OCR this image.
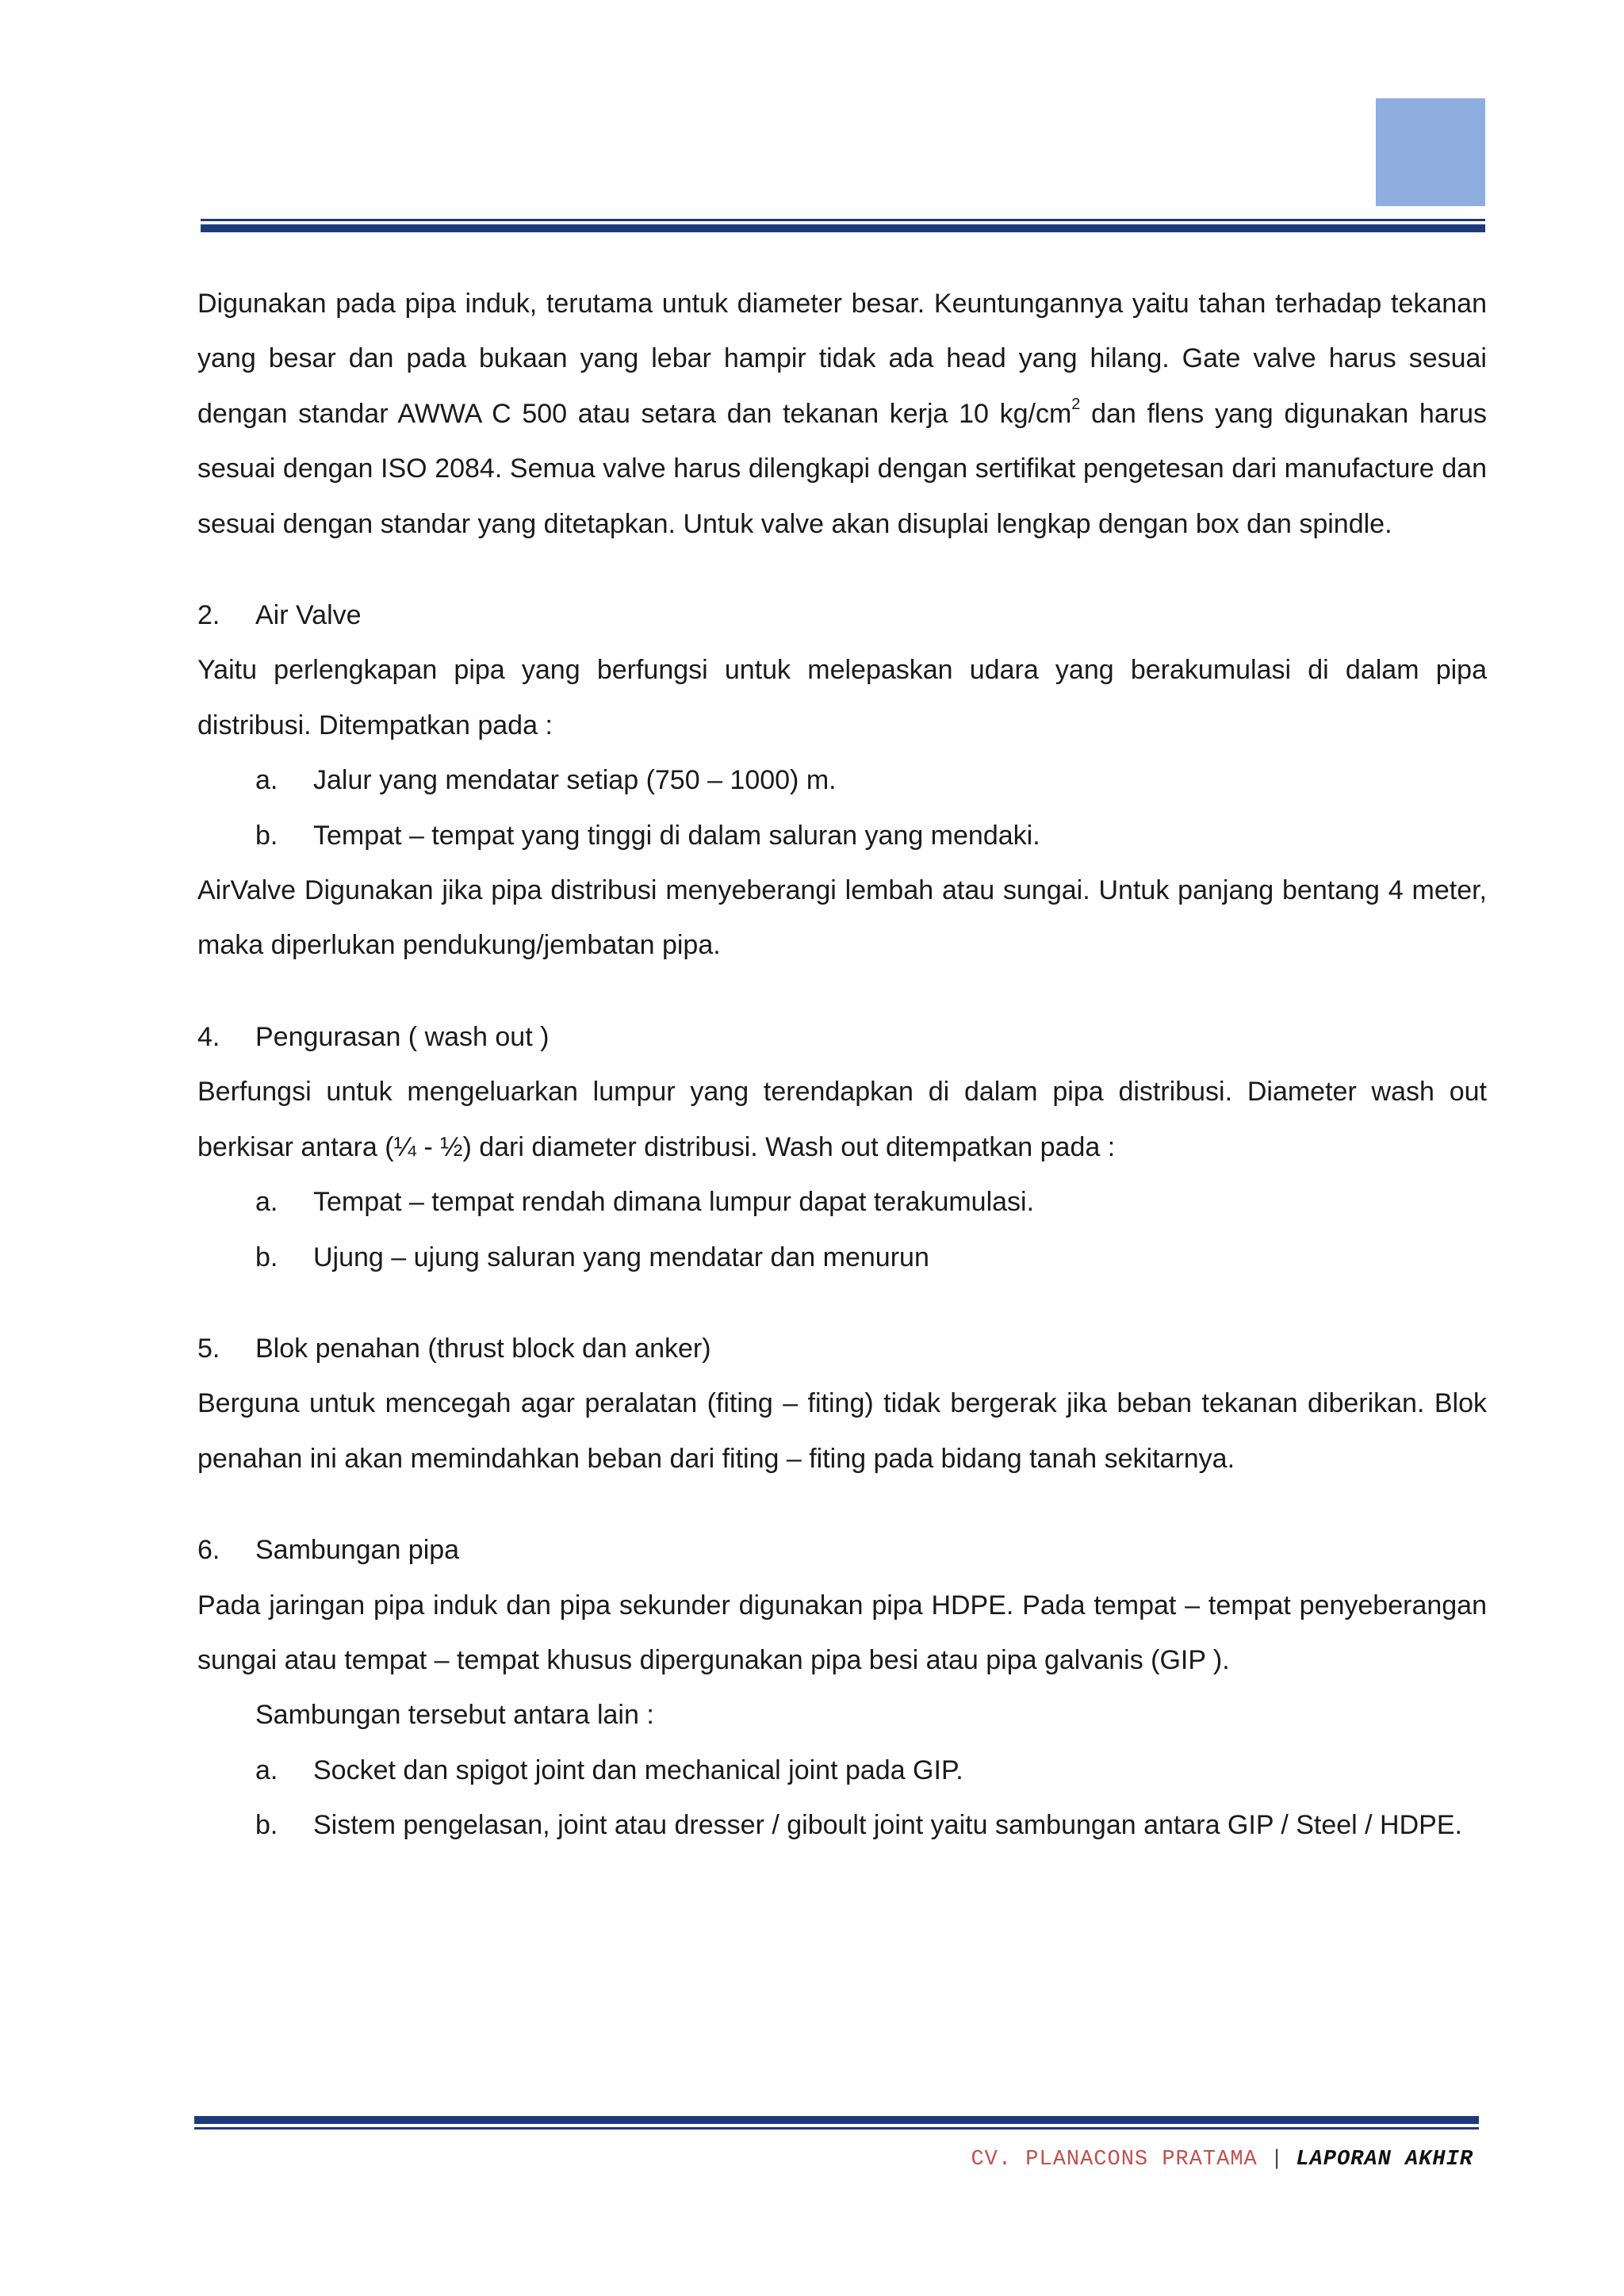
Digunakan pada pipa induk, terutama untuk diameter besar. Keuntungannya yaitu tahan terhadap tekanan yang besar dan pada bukaan yang lebar hampir tidak ada head yang hilang. Gate valve harus sesuai dengan standar AWWA C 500 atau setara dan tekanan kerja 10 $kg/cm^2$ dan flens yang digunakan harus sesuai dengan ISO 2084. Semua valve harus dilengkapi dengan sertifikat pengetesan dari manufacture dan sesuai dengan standar yang ditetapkan. Untuk valve akan disuplai lengkap dengan box dan spindle.

2.	Air Valve

Yaitu perlengkapan pipa yang berfungsi untuk melepaskan udara yang berakumulasi di dalam pipa distribusi. Ditempatkan pada :

a.	Jalur yang mendatar setiap (750 – 1000) m.
b.	Tempat – tempat yang tinggi di dalam saluran yang mendaki.

AirValve Digunakan jika pipa distribusi menyeberangi lembah atau sungai. Untuk panjang bentang 4 meter, maka diperlukan pendukung/jembatan pipa.

4.	Pengurasan ( wash out )

Berfungsi untuk mengeluarkan lumpur yang terendapkan di dalam pipa distribusi. Diameter wash out berkisar antara (¼ - ½) dari diameter distribusi. Wash out ditempatkan pada :

a.	Tempat – tempat rendah dimana lumpur dapat terakumulasi.
b.	Ujung – ujung saluran yang mendatar dan menurun
5.	Blok penahan (thrust block dan anker)

Berguna untuk mencegah agar peralatan (fiting – fiting) tidak bergerak jika beban tekanan diberikan. Blok penahan ini akan memindahkan beban dari fiting – fiting pada bidang tanah sekitarnya.

6.	Sambungan pipa

Pada jaringan pipa induk dan pipa sekunder digunakan pipa HDPE. Pada tempat – tempat penyeberangan sungai atau tempat – tempat khusus dipergunakan pipa besi atau pipa galvanis (GIP ).

Sambungan tersebut antara lain :

a.	Socket dan spigot joint dan mechanical joint pada GIP.
b.	Sistem pengelasan, joint atau dresser / giboult joint yaitu sambungan antara GIP / Steel / HDPE.
CV. PLANACONS PRATAMA | LAPORAN AKHIR
